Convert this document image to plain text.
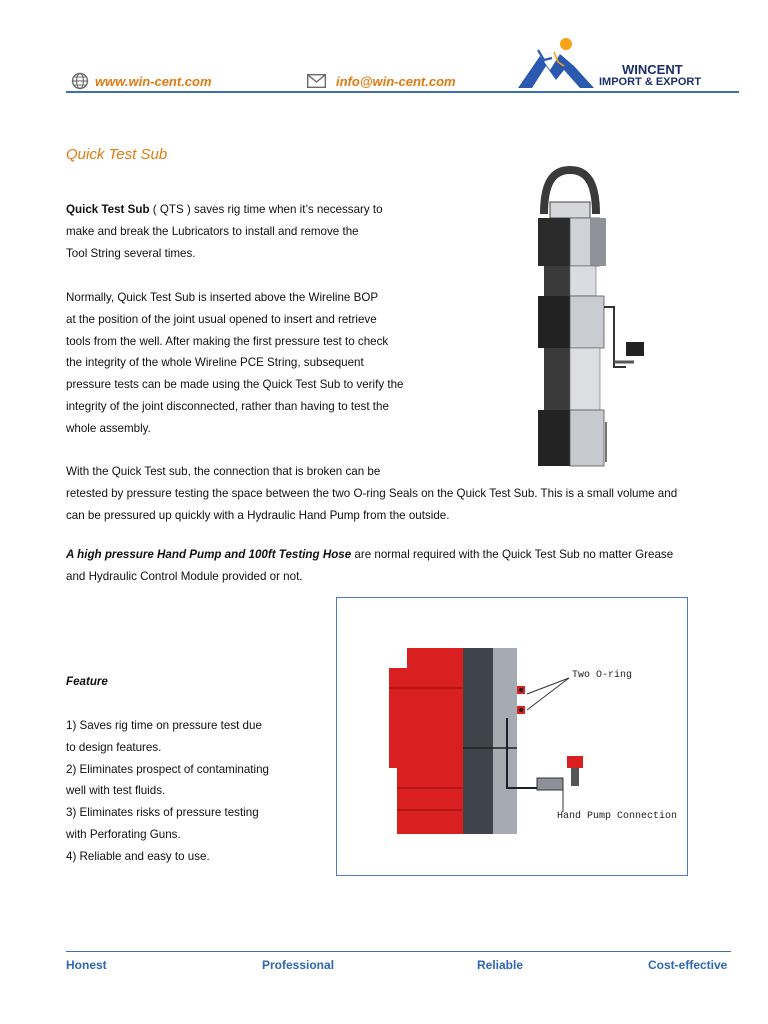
www.win-cent.com	info@win-cent.com
WINCENT
IMPORT & EXPORT
Quick Test Sub
Quick Test Sub ( QTS ) saves rig time when it’s necessary to
make and break the Lubricators to install and remove the
Tool String several times.
Normally, Quick Test Sub is inserted above the Wireline BOP
at the position of the joint usual opened to insert and retrieve
tools from the well. After making the first pressure test to check
the integrity of the whole Wireline PCE String, subsequent
pressure tests can be made using the Quick Test Sub to verify the
integrity of the joint disconnected, rather than having to test the
whole assembly.
With the Quick Test sub, the connection that is broken can be
retested by pressure testing the space between the two O-ring Seals on the Quick Test Sub. This is a small volume and
can be pressured up quickly with a Hydraulic Hand Pump from the outside.
A high pressure Hand Pump and 100ft Testing Hose are normal required with the Quick Test Sub no matter Grease
and Hydraulic Control Module provided or not.
Feature
1) Saves rig time on pressure test due
to design features.
2) Eliminates prospect of contaminating
well with test fluids.
3) Eliminates risks of pressure testing
with Perforating Guns.
4) Reliable and easy to use.
Two O-ring
Hand Pump Connection
Honest	Professional	Reliable	Cost-effective
